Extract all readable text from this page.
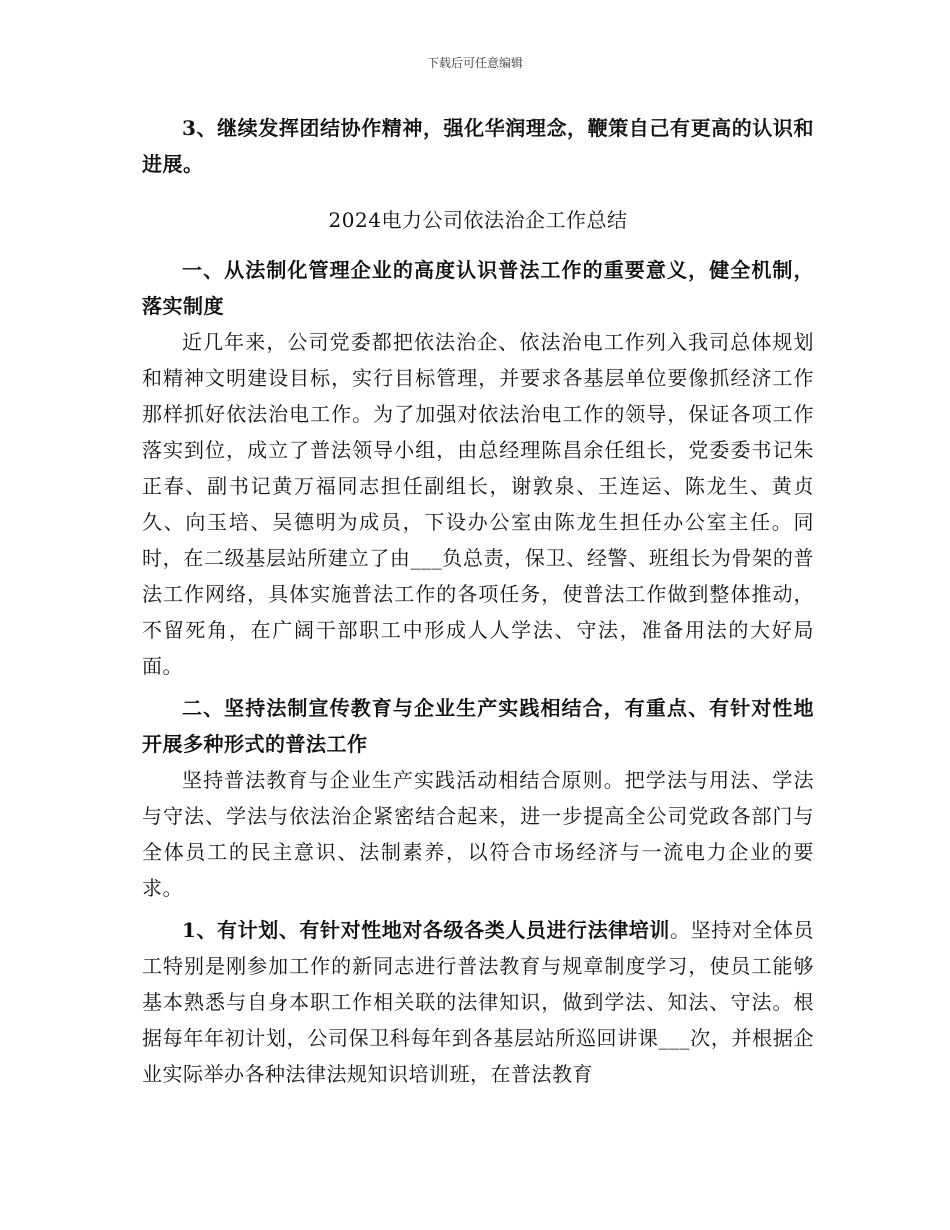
下载后可任意编辑

3、继续发挥团结协作精神，强化华润理念，鞭策自己有更高的认识和进展。

2024电力公司依法治企工作总结

一、从法制化管理企业的高度认识普法工作的重要意义，健全机制，落实制度

近几年来，公司党委都把依法治企、依法治电工作列入我司总体规划和精神文明建设目标，实行目标管理，并要求各基层单位要像抓经济工作那样抓好依法治电工作。为了加强对依法治电工作的领导，保证各项工作落实到位，成立了普法领导小组，由总经理陈昌余任组长，党委委书记朱正春、副书记黄万福同志担任副组长，谢敦泉、王连运、陈龙生、黄贞久、向玉培、吴德明为成员，下设办公室由陈龙生担任办公室主任。同时，在二级基层站所建立了由___负总责，保卫、经警、班组长为骨架的普法工作网络，具体实施普法工作的各项任务，使普法工作做到整体推动，不留死角，在广阔干部职工中形成人人学法、守法，准备用法的大好局面。

二、坚持法制宣传教育与企业生产实践相结合，有重点、有针对性地开展多种形式的普法工作

坚持普法教育与企业生产实践活动相结合原则。把学法与用法、学法与守法、学法与依法治企紧密结合起来，进一步提高全公司党政各部门与全体员工的民主意识、法制素养，以符合市场经济与一流电力企业的要求。

1、有计划、有针对性地对各级各类人员进行法律培训。坚持对全体员工特别是刚参加工作的新同志进行普法教育与规章制度学习，使员工能够基本熟悉与自身本职工作相关联的法律知识，做到学法、知法、守法。根据每年年初计划，公司保卫科每年到各基层站所巡回讲课___次，并根据企业实际举办各种法律法规知识培训班，在普法教育
